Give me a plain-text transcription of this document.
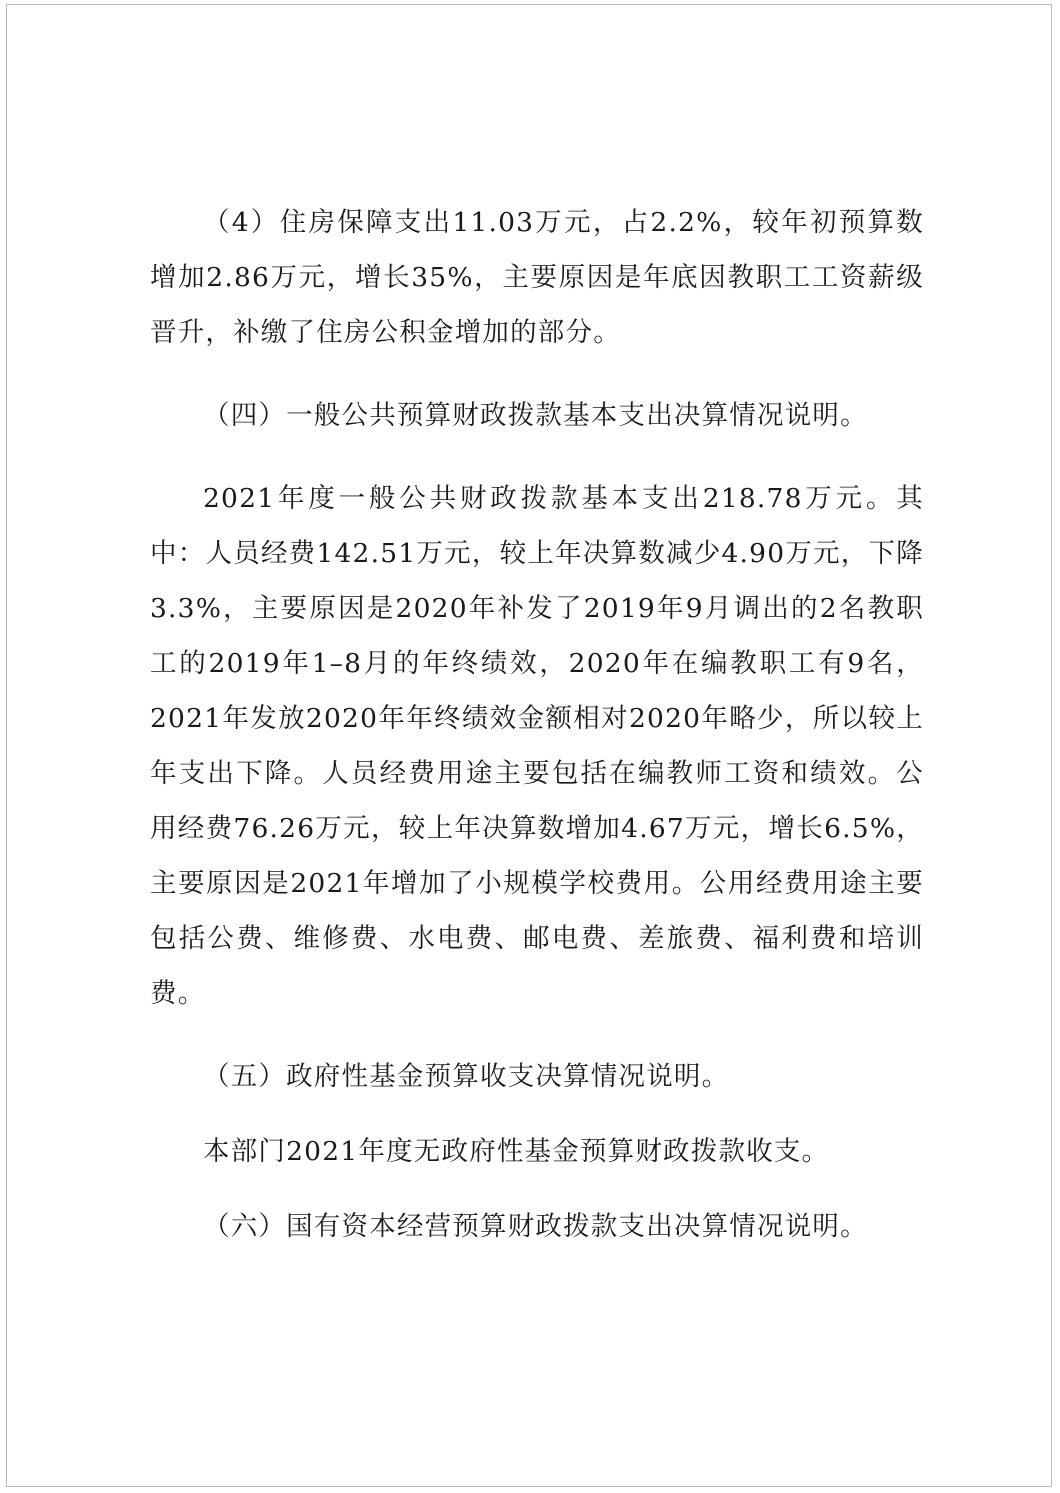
（4）住房保障支出11.03万元，占2.2%，较年初预算数增加2.86万元，增长35%，主要原因是年底因教职工工资薪级晋升，补缴了住房公积金增加的部分。

（四）一般公共预算财政拨款基本支出决算情况说明。

2021年度一般公共财政拨款基本支出218.78万元。其中：人员经费142.51万元，较上年决算数减少4.90万元，下降3.3%，主要原因是2020年补发了2019年9月调出的2名教职工的2019年1–8月的年终绩效，2020年在编教职工有9名，2021年发放2020年年终绩效金额相对2020年略少，所以较上年支出下降。人员经费用途主要包括在编教师工资和绩效。公用经费76.26万元，较上年决算数增加4.67万元，增长6.5%，主要原因是2021年增加了小规模学校费用。公用经费用途主要包括公费、维修费、水电费、邮电费、差旅费、福利费和培训费。

（五）政府性基金预算收支决算情况说明。

本部门2021年度无政府性基金预算财政拨款收支。

（六）国有资本经营预算财政拨款支出决算情况说明。
